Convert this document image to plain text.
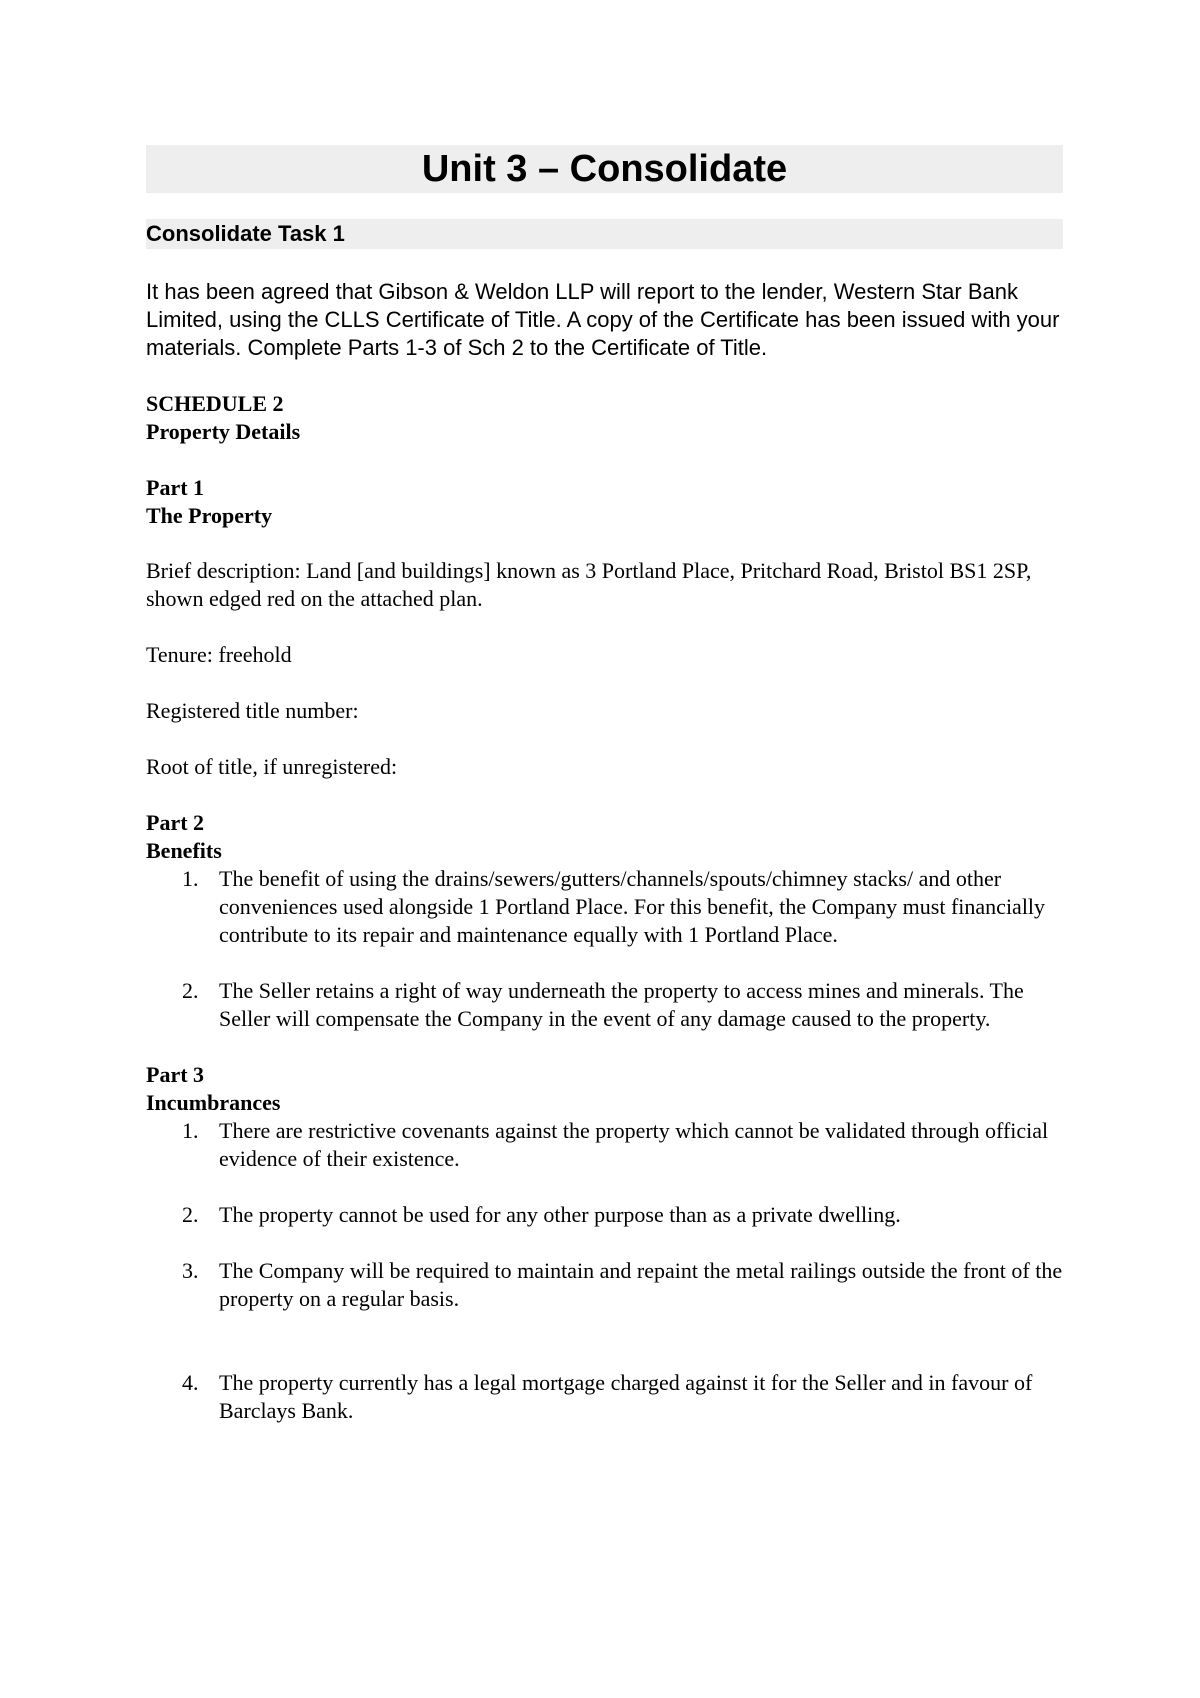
Unit 3 – Consolidate
Consolidate Task 1

It has been agreed that Gibson & Weldon LLP will report to the lender, Western Star Bank Limited, using the CLLS Certificate of Title. A copy of the Certificate has been issued with your materials. Complete Parts 1-3 of Sch 2 to the Certificate of Title.

SCHEDULE 2
Property Details
Part 1
The Property
Brief description: Land [and buildings] known as 3 Portland Place, Pritchard Road, Bristol BS1 2SP, shown edged red on the attached plan.
Tenure: freehold
Registered title number:
Root of title, if unregistered:
Part 2
Benefits
1. The benefit of using the drains/sewers/gutters/channels/spouts/chimney stacks/ and other conveniences used alongside 1 Portland Place. For this benefit, the Company must financially contribute to its repair and maintenance equally with 1 Portland Place.
2. The Seller retains a right of way underneath the property to access mines and minerals. The Seller will compensate the Company in the event of any damage caused to the property.
Part 3
Incumbrances
1. There are restrictive covenants against the property which cannot be validated through official evidence of their existence.
2. The property cannot be used for any other purpose than as a private dwelling.
3. The Company will be required to maintain and repaint the metal railings outside the front of the property on a regular basis.
4. The property currently has a legal mortgage charged against it for the Seller and in favour of Barclays Bank.
